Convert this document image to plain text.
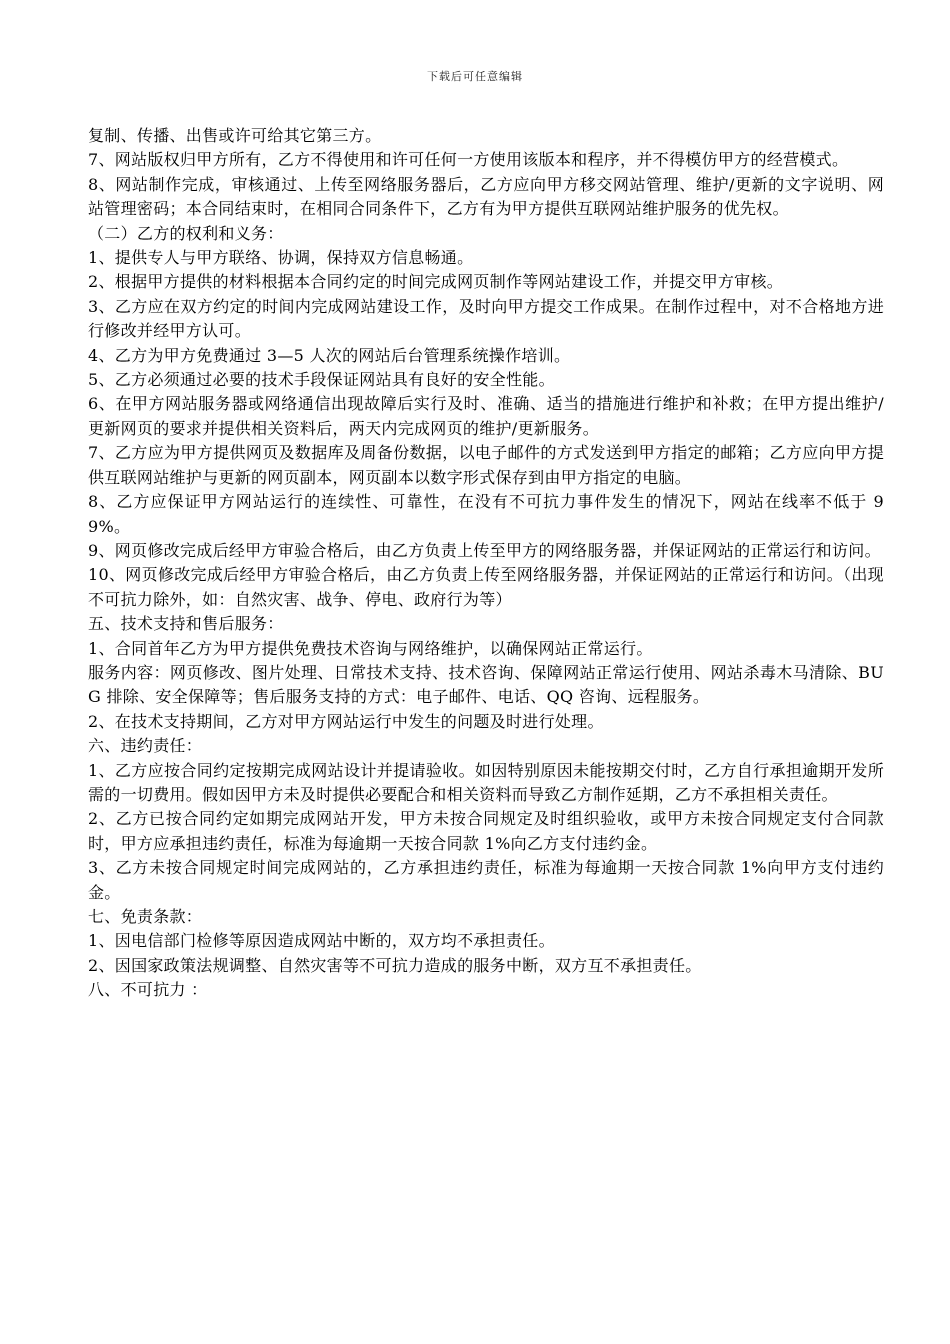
下载后可任意编辑

复制、传播、出售或许可给其它第三方。

7、网站版权归甲方所有，乙方不得使用和许可任何一方使用该版本和程序，并不得模仿甲方的经营模式。

8、网站制作完成，审核通过、上传至网络服务器后，乙方应向甲方移交网站管理、维护/更新的文字说明、网站管理密码；本合同结束时，在相同合同条件下，乙方有为甲方提供互联网站维护服务的优先权。

（二）乙方的权利和义务：

1、提供专人与甲方联络、协调，保持双方信息畅通。

2、根据甲方提供的材料根据本合同约定的时间完成网页制作等网站建设工作，并提交甲方审核。

3、乙方应在双方约定的时间内完成网站建设工作，及时向甲方提交工作成果。在制作过程中，对不合格地方进行修改并经甲方认可。

4、乙方为甲方免费通过 3—5 人次的网站后台管理系统操作培训。

5、乙方必须通过必要的技术手段保证网站具有良好的安全性能。

6、在甲方网站服务器或网络通信出现故障后实行及时、准确、适当的措施进行维护和补救；在甲方提出维护/更新网页的要求并提供相关资料后，两天内完成网页的维护/更新服务。

7、乙方应为甲方提供网页及数据库及周备份数据，以电子邮件的方式发送到甲方指定的邮箱；乙方应向甲方提供互联网站维护与更新的网页副本，网页副本以数字形式保存到由甲方指定的电脑。

8、乙方应保证甲方网站运行的连续性、可靠性，在没有不可抗力事件发生的情况下，网站在线率不低于 99%。

9、网页修改完成后经甲方审验合格后，由乙方负责上传至甲方的网络服务器，并保证网站的正常运行和访问。

10、网页修改完成后经甲方审验合格后，由乙方负责上传至网络服务器，并保证网站的正常运行和访问。（出现不可抗力除外，如：自然灾害、战争、停电、政府行为等）

五、技术支持和售后服务：

1、合同首年乙方为甲方提供免费技术咨询与网络维护，以确保网站正常运行。

服务内容：网页修改、图片处理、日常技术支持、技术咨询、保障网站正常运行使用、网站杀毒木马清除、BUG 排除、安全保障等；售后服务支持的方式：电子邮件、电话、QQ 咨询、远程服务。

2、在技术支持期间，乙方对甲方网站运行中发生的问题及时进行处理。

六、违约责任：

1、乙方应按合同约定按期完成网站设计并提请验收。如因特别原因未能按期交付时，乙方自行承担逾期开发所需的一切费用。假如因甲方未及时提供必要配合和相关资料而导致乙方制作延期，乙方不承担相关责任。

2、乙方已按合同约定如期完成网站开发，甲方未按合同规定及时组织验收，或甲方未按合同规定支付合同款时，甲方应承担违约责任，标准为每逾期一天按合同款 1%向乙方支付违约金。

3、乙方未按合同规定时间完成网站的，乙方承担违约责任，标准为每逾期一天按合同款 1%向甲方支付违约金。

七、免责条款：

1、因电信部门检修等原因造成网站中断的，双方均不承担责任。

2、因国家政策法规调整、自然灾害等不可抗力造成的服务中断，双方互不承担责任。

八、不可抗力 ：
